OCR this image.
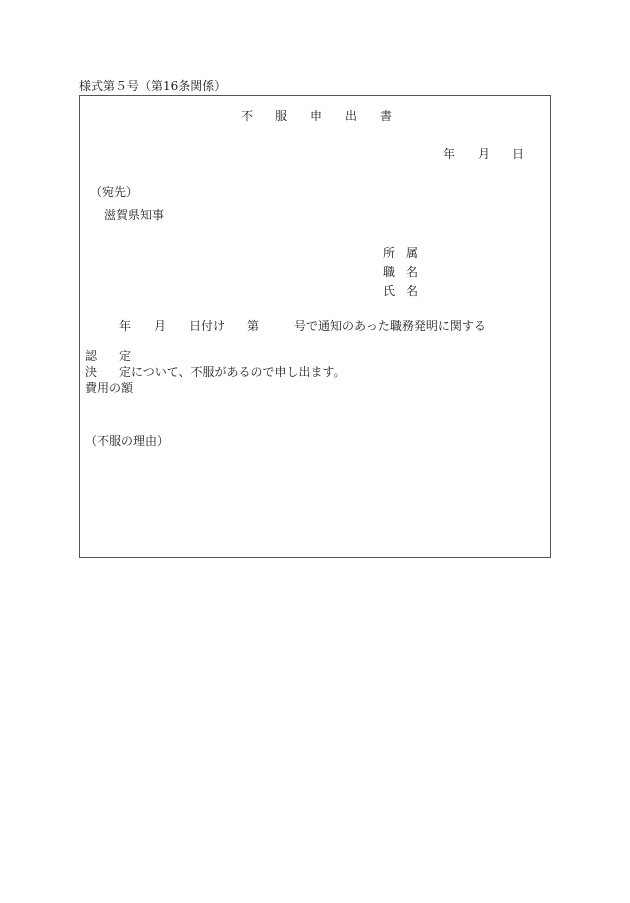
様式第５号（第16条関係）
不 服 申 出 書
年 月 日
（宛先）
滋賀県知事
所 属
職 名
氏 名
年 月 日付け 第	号で通知のあった職務発明に関する
認 定
決 定について、不服があるので申し出ます。
費用の額
（不服の理由）
